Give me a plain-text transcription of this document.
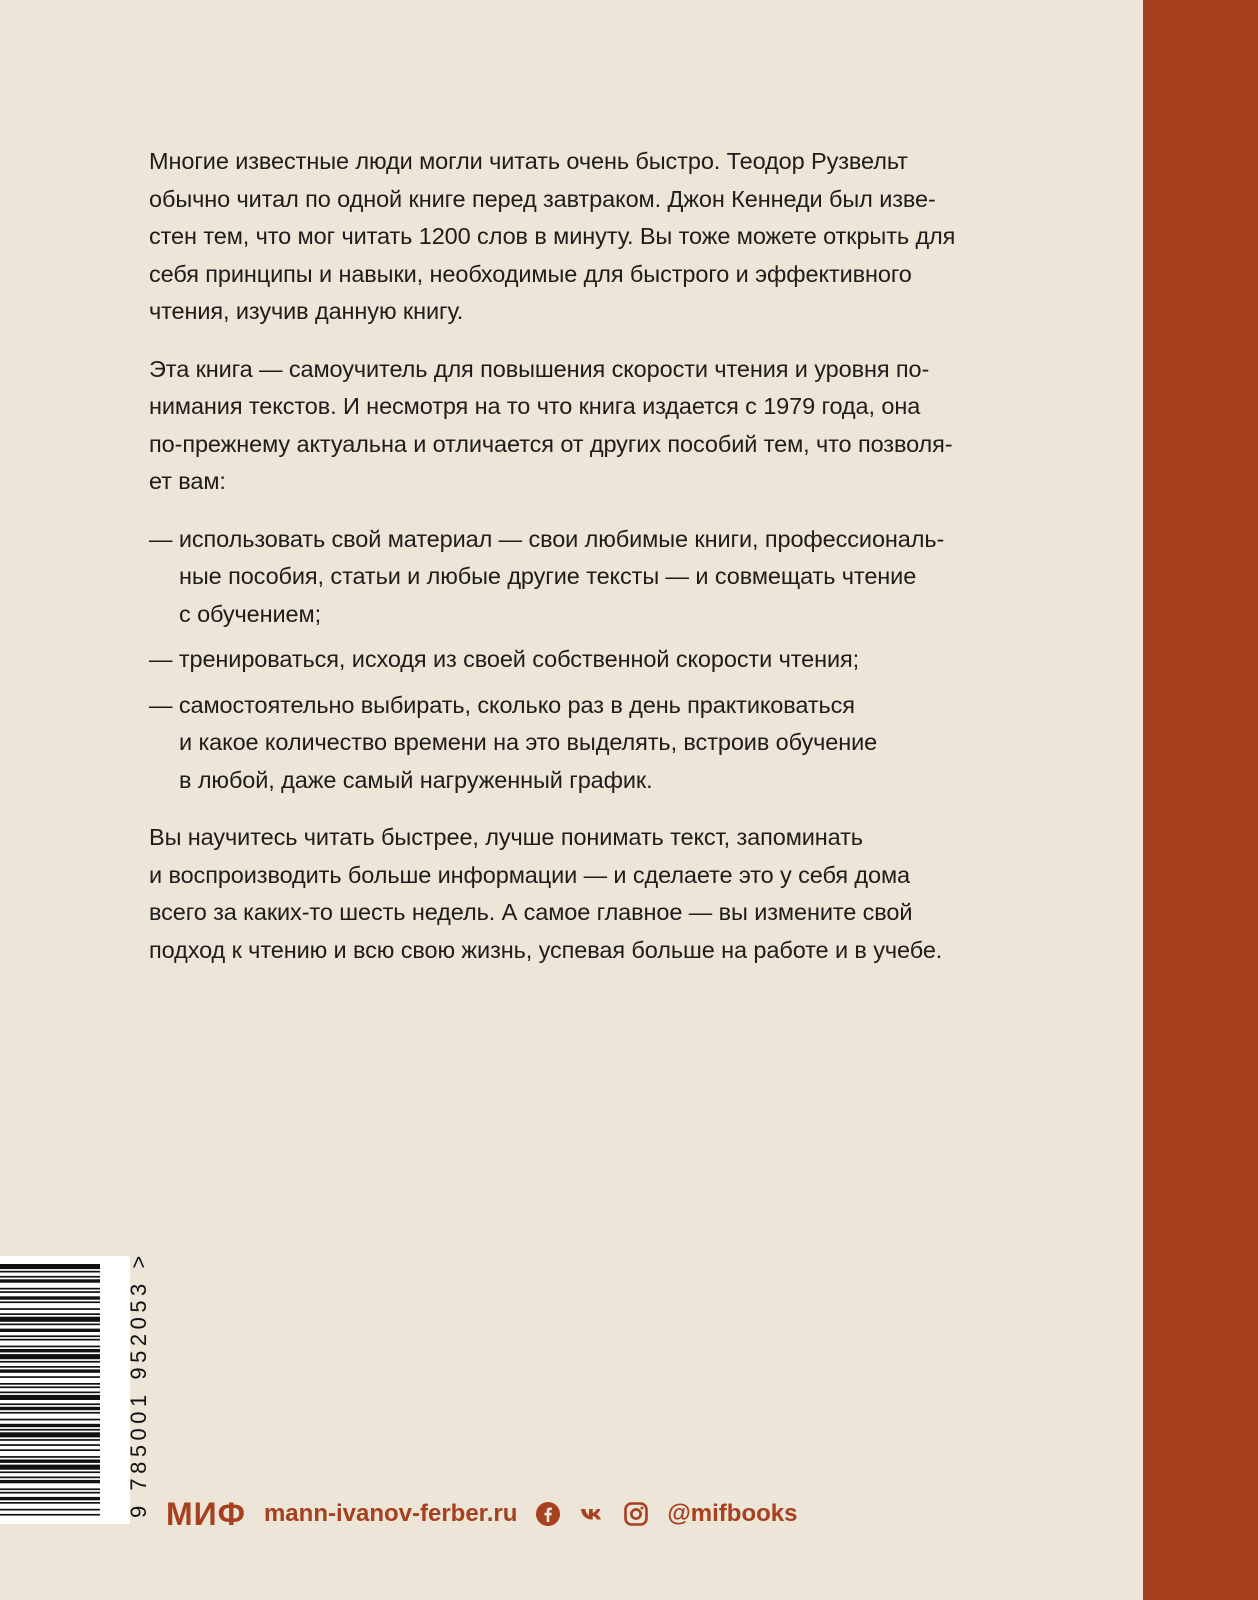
Многие известные люди могли читать очень быстро. Теодор Рузвельт
обычно читал по одной книге перед завтраком. Джон Кеннеди был изве-
стен тем, что мог читать 1200 слов в минуту. Вы тоже можете открыть для
себя принципы и навыки, необходимые для быстрого и эффективного
чтения, изучив данную книгу.

Эта книга — самоучитель для повышения скорости чтения и уровня по-
нимания текстов. И несмотря на то что книга издается с 1979 года, она
по-прежнему актуальна и отличается от других пособий тем, что позволя-
ет вам:

— использовать свой материал — свои любимые книги, профессиональ-
ные пособия, статьи и любые другие тексты — и совмещать чтение
с обучением;
— тренироваться, исходя из своей собственной скорости чтения;
— самостоятельно выбирать, сколько раз в день практиковаться
и какое количество времени на это выделять, встроив обучение
в любой, даже самый нагруженный график.

Вы научитесь читать быстрее, лучше понимать текст, запоминать
и воспроизводить больше информации — и сделаете это у себя дома
всего за каких-то шесть недель. А самое главное — вы измените свой
подход к чтению и всю свою жизнь, успевая больше на работе и в учебе.

9 785001 952053 > МИФ mann-ivanov-ferber.ru	@mifbooks
